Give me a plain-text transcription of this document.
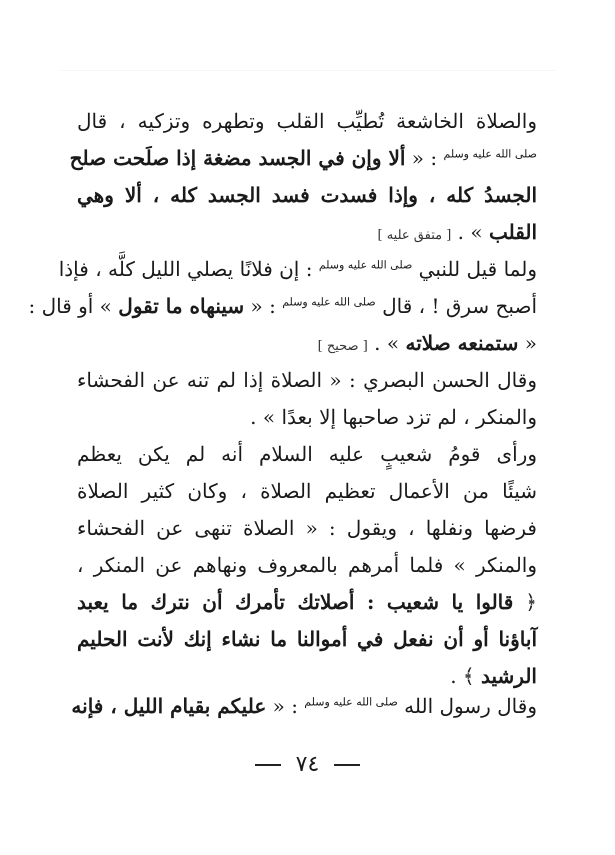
والصلاة الخاشعة تُطيِّب القلب وتطهره وتزكيه ، قال
$^{صلى الله عليه وسلم}$ : « ألا وإن في الجسد مضغة إذا صلَحت صلح
الجسدُ كله ، وإذا فسدت فسد الجسد كله ، ألا وهي
القلب » . [ متفق عليه ]
ولما قيل للنبي $^{صلى الله عليه وسلم}$ : إن فلانًا يصلي الليل كلَّه ، فإذا
أصبح سرق ! ، قال $^{صلى الله عليه وسلم}$ : « سينهاه ما تقول » أو قال :
« ستمنعه صلاته » . [ صحيح ]
وقال الحسن البصري : « الصلاة إذا لم تنه عن الفحشاء
والمنكر ، لم تزد صاحبها إلا بعدًا » .
ورأى قومُ شعيبٍ عليه السلام أنه لم يكن يعظم
شيئًا من الأعمال تعظيم الصلاة ، وكان كثير الصلاة
فرضها ونفلها ، ويقول : « الصلاة تنهى عن الفحشاء
والمنكر » فلما أمرهم بالمعروف ونهاهم عن المنكر ،
﴿ قالوا يا شعيب : أصلاتك تأمرك أن نترك ما يعبد
آباؤنا أو أن نفعل في أموالنا ما نشاء إنك لأنت الحليم
الرشيد ﴾ .
وقال رسول الله $^{صلى الله عليه وسلم}$ : « عليكم بقيام الليل ، فإنه
٧٤
